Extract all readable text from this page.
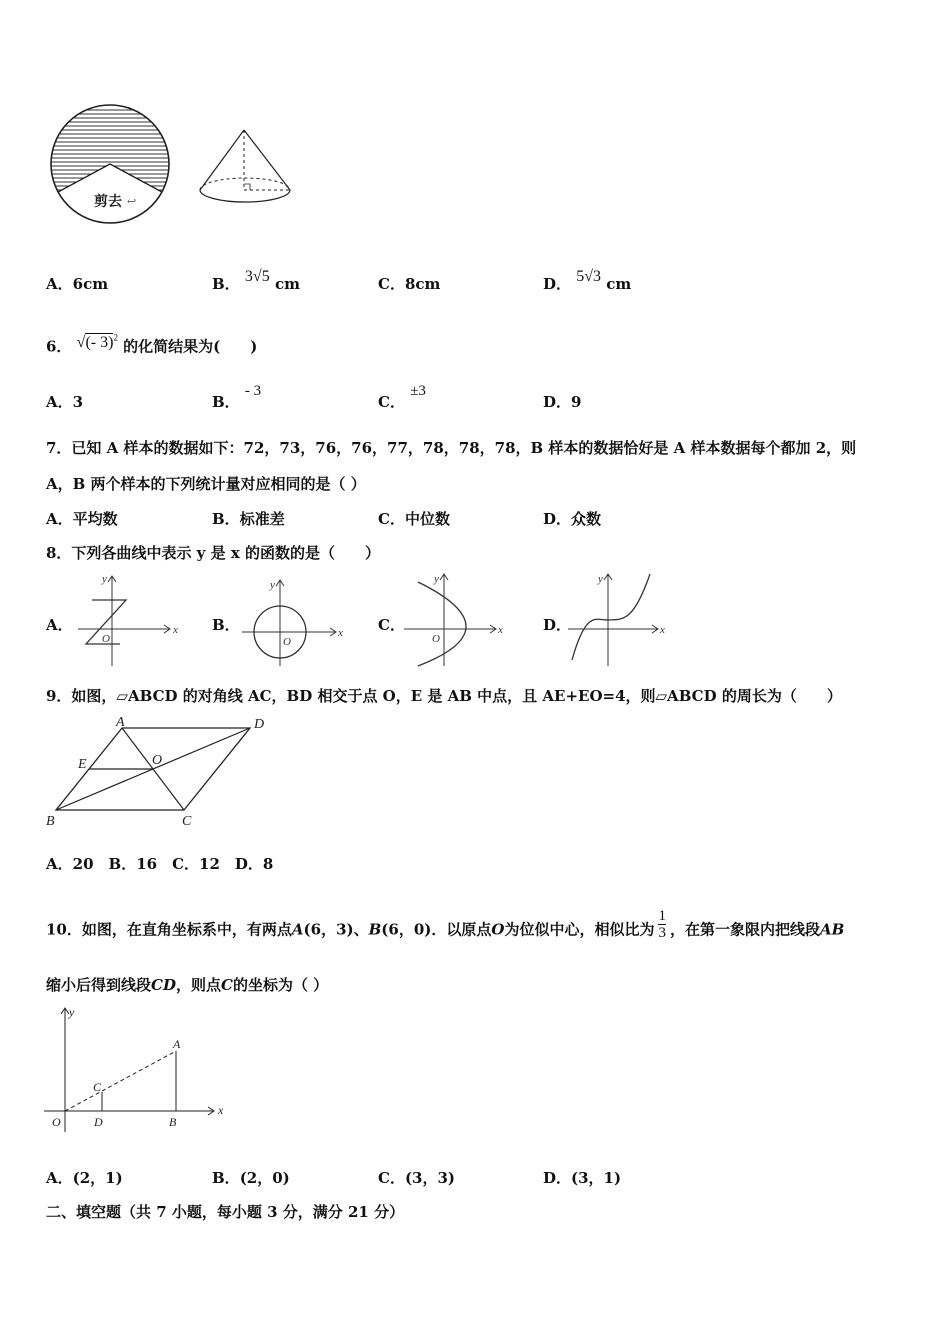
剪去 ↩
A．6cm	B． 3√5 cm	C．8cm	D． 5√3 cm
6． √(- 3)$^2$ 的化简结果为(　　)
A．3	B． - 3
C． ±3
D．9
7．已知 A 样本的数据如下：72，73，76，76，77，78，78，78，B 样本的数据恰好是 A 样本数据每个都加 2，则
A，B 两个样本的下列统计量对应相同的是（ ）
A．平均数	B．标准差	C．中位数	D．众数
8．下列各曲线中表示 y 是 x 的函数的是（　　）
A．	x
y
O
B．	x
y
O
C．	x
y
O
D．	x
y
9．如图，▱ABCD 的对角线 AC，BD 相交于点 O，E 是 AB 中点，且 AE+EO=4，则▱ABCD 的周长为（　　）
A	D
E	O
B	C
A．20　B．16　C．12　D．8
10．如图，在直角坐标系中，有两点A(6，3)、B(6，0)．以原点O为位似中心，相似比为 $\frac{1}{3}$ ，在第一象限内把线段AB
缩小后得到线段CD，则点C的坐标为（ ）
x
y
O
A
B
C
D
A．(2，1)	B．(2，0)	C．(3，3)	D．(3，1)
二、填空题（共 7 小题，每小题 3 分，满分 21 分）
